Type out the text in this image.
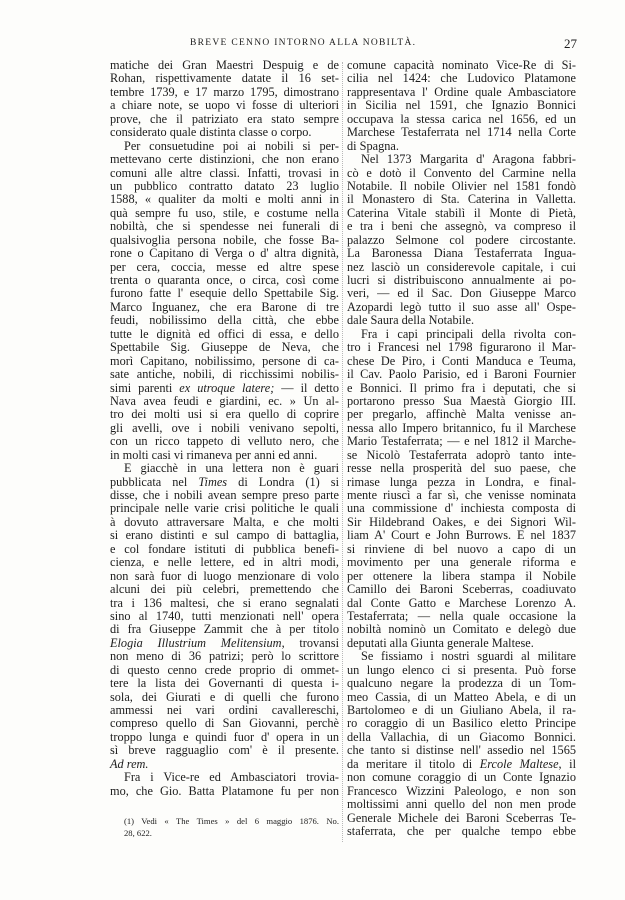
BREVE CENNO INTORNO ALLA NOBILTÀ.	27
matiche dei Gran Maestri Despuig e de
Rohan, rispettivamente datate il 16 set-
tembre 1739, e 17 marzo 1795, dimostrano
a chiare note, se uopo vi fosse di ulteriori
prove, che il patriziato era stato sempre
considerato quale distinta classe o corpo.
Per consuetudine poi ai nobili si per-
mettevano certe distinzioni, che non erano
comuni alle altre classi. Infatti, trovasi in
un pubblico contratto datato 23 luglio
1588, « qualiter da molti e molti anni in
quà sempre fu uso, stile, e costume nella
nobiltà, che si spendesse nei funerali di
qualsivoglia persona nobile, che fosse Ba-
rone o Capitano di Verga o d' altra dignità,
per cera, coccia, messe ed altre spese
trenta o quaranta once, o circa, così come
furono fatte l' esequie dello Spettabile Sig.
Marco Inguanez, che era Barone di tre
feudi, nobilissimo della città, che ebbe
tutte le dignità ed offici di essa, e dello
Spettabile Sig. Giuseppe de Neva, che
morì Capitano, nobilissimo, persone di ca-
sate antiche, nobili, di ricchissimi nobilis-
simi parenti ex utroque latere; — il detto
Nava avea feudi e giardini, ec. » Un al-
tro dei molti usi si era quello di coprire
gli avelli, ove i nobili venivano sepolti,
con un ricco tappeto di velluto nero, che
in molti casi vi rimaneva per anni ed anni.
E giacchè in una lettera non è guari
pubblicata nel Times di Londra (1) si
disse, che i nobili avean sempre preso parte
principale nelle varie crisi politiche le quali
à dovuto attraversare Malta, e che molti
si erano distinti e sul campo di battaglia,
e col fondare istituti di pubblica benefi-
cienza, e nelle lettere, ed in altri modi,
non sarà fuor di luogo menzionare di volo
alcuni dei più celebri, premettendo che
tra i 136 maltesi, che si erano segnalati
sino al 1740, tutti menzionati nell' opera
di fra Giuseppe Zammit che à per titolo
Elogia Illustrium Melitensium, trovansi
non meno di 36 patrizi; però lo scrittore
di questo cenno crede proprio di ommet-
tere la lista dei Governanti di questa i-
sola, dei Giurati e di quelli che furono
ammessi nei vari ordini cavallereschi,
compreso quello di San Giovanni, perchè
troppo lunga e quindi fuor d' opera in un
sì breve ragguaglio com' è il presente.
Ad rem.
Fra i Vice-re ed Ambasciatori trovia-
mo, che Gio. Batta Platamone fu per non
comune capacità nominato Vice-Re di Si-
cilia nel 1424: che Ludovico Platamone
rappresentava l' Ordine quale Ambasciatore
in Sicilia nel 1591, che Ignazio Bonnici
occupava la stessa carica nel 1656, ed un
Marchese Testaferrata nel 1714 nella Corte
di Spagna.
Nel 1373 Margarita d' Aragona fabbri-
cò e dotò il Convento del Carmine nella
Notabile. Il nobile Olivier nel 1581 fondò
il Monastero di Sta. Caterina in Valletta.
Caterina Vitale stabilì il Monte di Pietà,
e tra i beni che assegnò, va compreso il
palazzo Selmone col podere circostante.
La Baronessa Diana Testaferrata Ingua-
nez lasciò un considerevole capitale, i cui
lucri si distribuiscono annualmente ai po-
veri, — ed il Sac. Don Giuseppe Marco
Azopardi legò tutto il suo asse all' Ospe-
dale Saura della Notabile.
Fra i capi principali della rivolta con-
tro i Francesi nel 1798 figurarono il Mar-
chese De Piro, i Conti Manduca e Teuma,
il Cav. Paolo Parisio, ed i Baroni Fournier
e Bonnici. Il primo fra i deputati, che si
portarono presso Sua Maestà Giorgio III.
per pregarlo, affinchè Malta venisse an-
nessa allo Impero britannico, fu il Marchese
Mario Testaferrata; — e nel 1812 il Marche-
se Nicolò Testaferrata adoprò tanto inte-
resse nella prosperità del suo paese, che
rimase lunga pezza in Londra, e final-
mente riuscì a far sì, che venisse nominata
una commissione d' inchiesta composta di
Sir Hildebrand Oakes, e dei Signori Wil-
liam A' Court e John Burrows. E nel 1837
si rinviene di bel nuovo a capo di un
movimento per una generale riforma e
per ottenere la libera stampa il Nobile
Camillo dei Baroni Sceberras, coadiuvato
dal Conte Gatto e Marchese Lorenzo A.
Testaferrata; — nella quale occasione la
nobiltà nominò un Comitato e delegò due
deputati alla Giunta generale Maltese.
Se fissiamo i nostri sguardi al militare
un lungo elenco ci si presenta. Può forse
qualcuno negare la prodezza di un Tom-
meo Cassia, di un Matteo Abela, e di un
Bartolomeo e di un Giuliano Abela, il ra-
ro coraggio di un Basilico eletto Principe
della Vallachia, di un Giacomo Bonnici.
che tanto si distinse nell' assedio nel 1565
da meritare il titolo di Ercole Maltese, il
non comune coraggio di un Conte Ignazio
Francesco Wizzini Paleologo, e non son
moltissimi anni quello del non men prode
Generale Michele dei Baroni Sceberras Te-
staferrata, che per qualche tempo ebbe
(1) Vedi « The Times » del 6 maggio 1876. No.
28, 622.
